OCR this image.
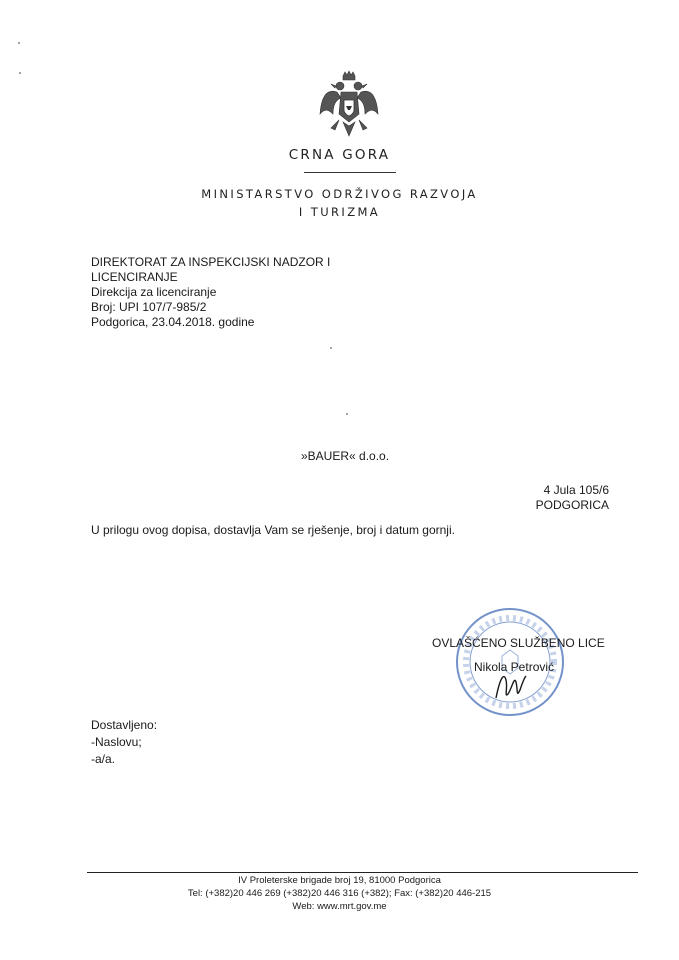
CRNA GORA
MINISTARSTVO ODRŽIVOG RAZVOJA
I TURIZMA
DIREKTORAT ZA INSPEKCIJSKI NADZOR I
LICENCIRANJE
Direkcija za licenciranje
Broj: UPI 107/7-985/2
Podgorica, 23.04.2018. godine
»BAUER« d.o.o.
4 Jula 105/6
PODGORICA
U prilogu ovog dopisa, dostavlja Vam se rješenje, broj i datum gornji.
OVLAŠĆENO SLUŽBENO LICE
Nikola Petrović
Dostavljeno:
-Naslovu;
-a/a.
IV Proleterske brigade broj 19, 81000 Podgorica
Tel: (+382)20 446 269 (+382)20 446 316 (+382); Fax: (+382)20 446-215
Web: www.mrt.gov.me
